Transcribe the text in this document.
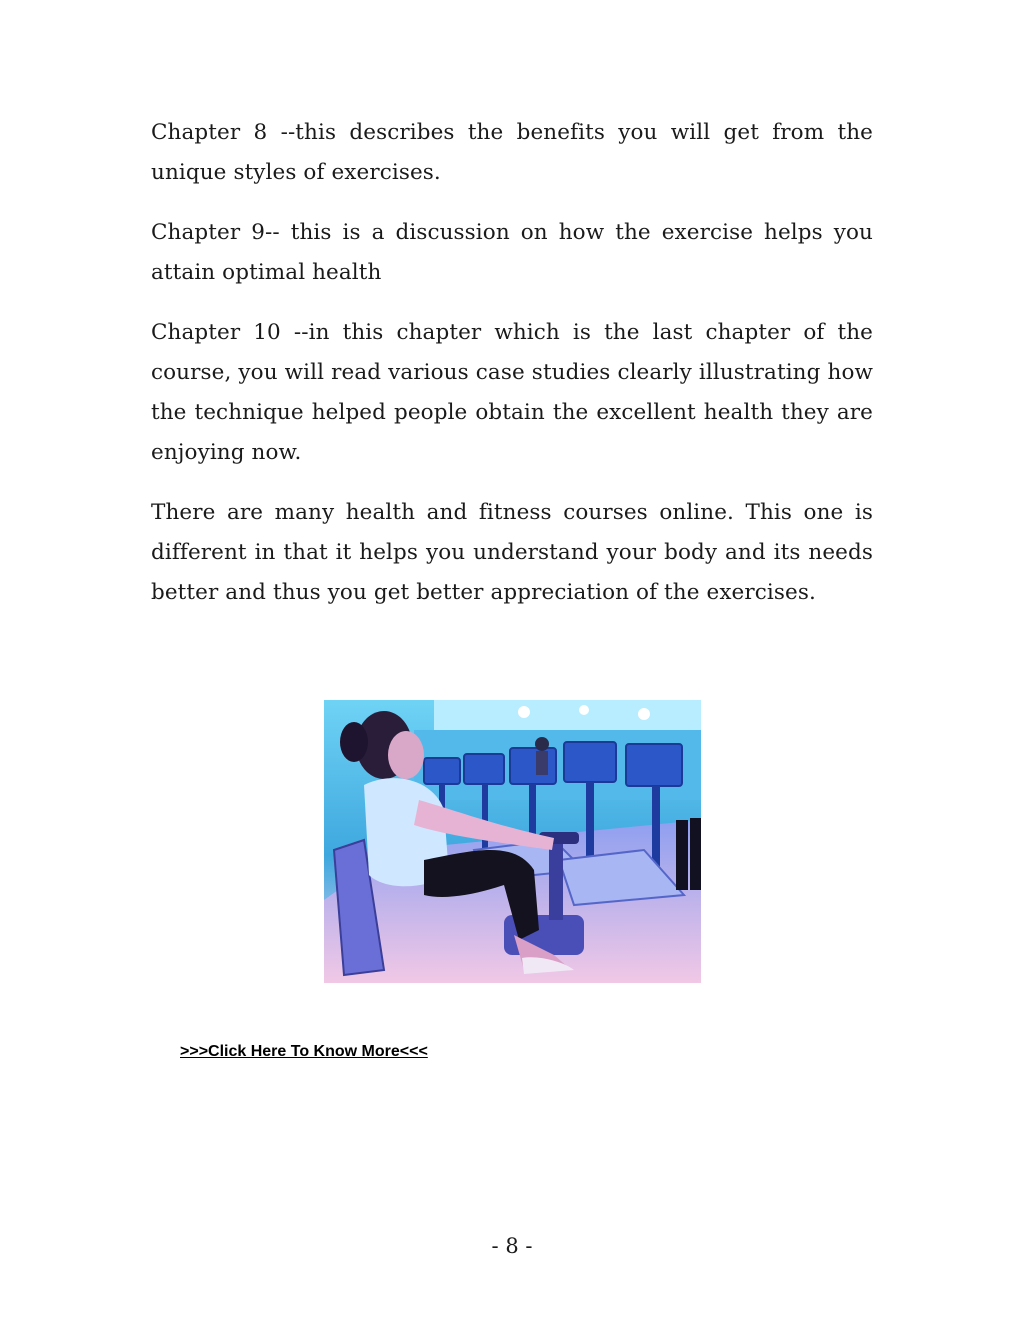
Chapter 8 --this describes the benefits you will get from the unique styles of exercises.

Chapter 9-- this is a discussion on how the exercise helps you attain optimal health

Chapter 10 --in this chapter which is the last chapter of the course, you will read various case studies clearly illustrating how the technique helped people obtain the excellent health they are enjoying now.

There are many health and fitness courses online. This one is different in that it helps you understand your body and its needs better and thus you get better appreciation of the exercises.

>>>Click Here To Know More<<<
- 8 -
